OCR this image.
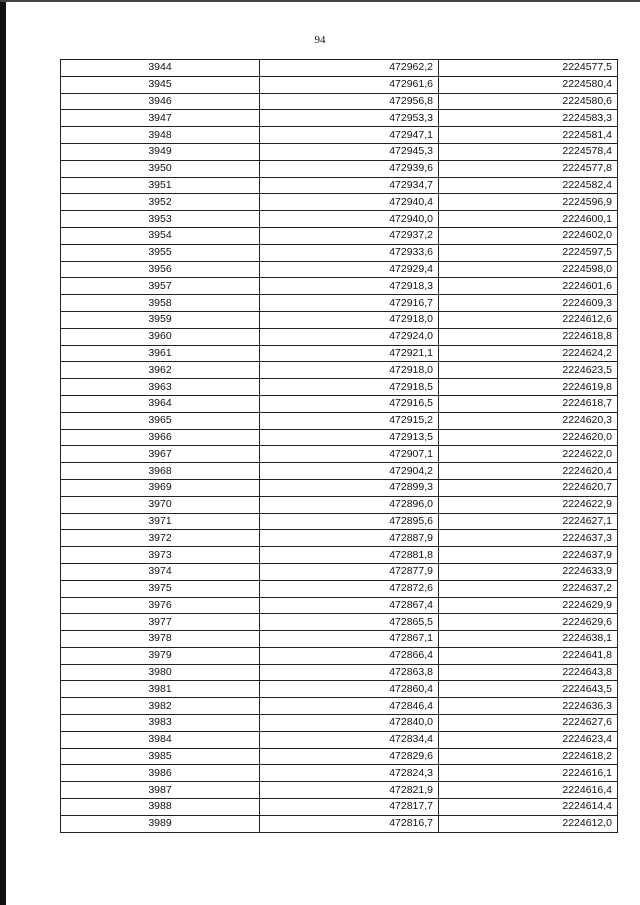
94
3944	472962,2	2224577,5
3945	472961,6	2224580,4
3946	472956,8	2224580,6
3947	472953,3	2224583,3
3948	472947,1	2224581,4
3949	472945,3	2224578,4
3950	472939,6	2224577,8
3951	472934,7	2224582,4
3952	472940,4	2224596,9
3953	472940,0	2224600,1
3954	472937,2	2224602,0
3955	472933,6	2224597,5
3956	472929,4	2224598,0
3957	472918,3	2224601,6
3958	472916,7	2224609,3
3959	472918,0	2224612,6
3960	472924,0	2224618,8
3961	472921,1	2224624,2
3962	472918,0	2224623,5
3963	472918,5	2224619,8
3964	472916,5	2224618,7
3965	472915,2	2224620,3
3966	472913,5	2224620,0
3967	472907,1	2224622,0
3968	472904,2	2224620,4
3969	472899,3	2224620,7
3970	472896,0	2224622,9
3971	472895,6	2224627,1
3972	472887,9	2224637,3
3973	472881,8	2224637,9
3974	472877,9	2224633,9
3975	472872,6	2224637,2
3976	472867,4	2224629,9
3977	472865,5	2224629,6
3978	472867,1	2224638,1
3979	472866,4	2224641,8
3980	472863,8	2224643,8
3981	472860,4	2224643,5
3982	472846,4	2224636,3
3983	472840,0	2224627,6
3984	472834,4	2224623,4
3985	472829,6	2224618,2
3986	472824,3	2224616,1
3987	472821,9	2224616,4
3988	472817,7	2224614,4
3989	472816,7	2224612,0
